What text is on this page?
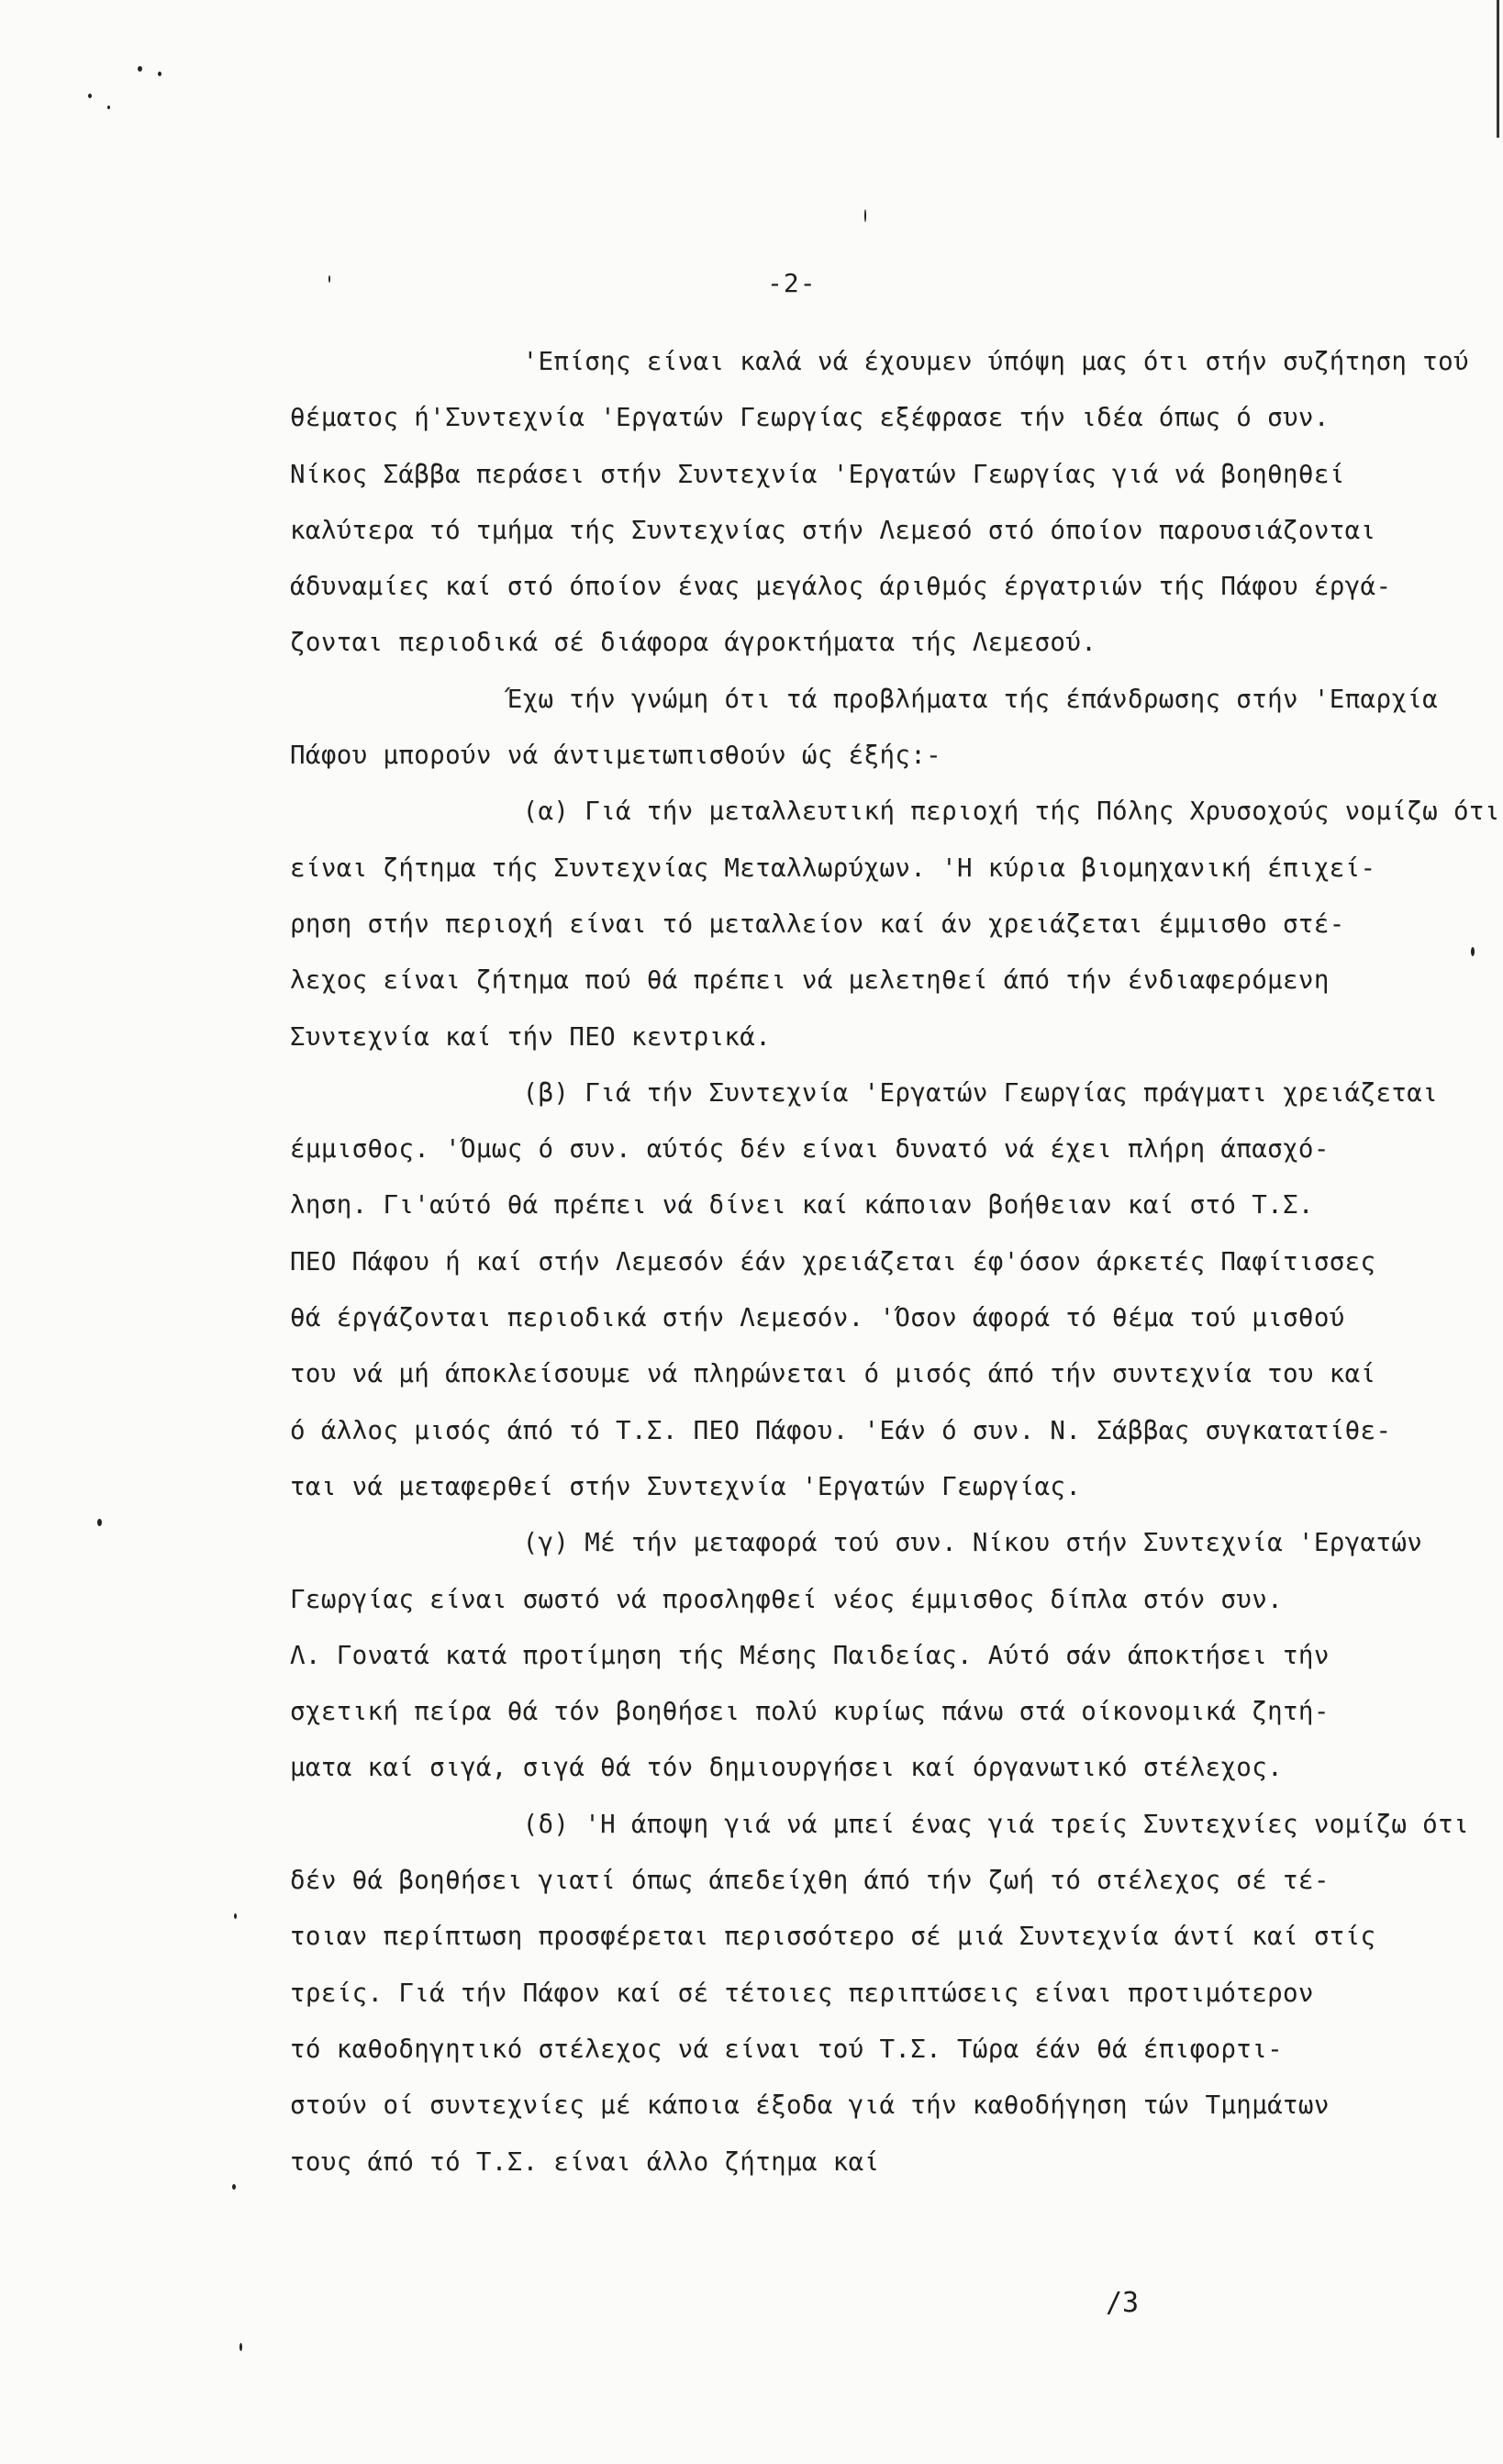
-2-
'Επίσης είναι καλά νά έχουμεν ύπόψη μας ότι στήν συζήτηση τού
θέματος ή'Συντεχνία 'Εργατών Γεωργίας εξέφρασε τήν ιδέα όπως ό συν.
Νίκος Σάββα περάσει στήν Συντεχνία 'Εργατών Γεωργίας γιά νά βοηθηθεί
καλύτερα τό τμήμα τής Συντεχνίας στήν Λεμεσό στό όποίον παρουσιάζονται
άδυναμίες καί στό όποίον ένας μεγάλος άριθμός έργατριών τής Πάφου έργά-
ζονται περιοδικά σέ διάφορα άγροκτήματα τής Λεμεσού.
Έχω τήν γνώμη ότι τά προβλήματα τής έπάνδρωσης στήν 'Επαρχία
Πάφου μπορούν νά άντιμετωπισθούν ώς έξής:-
(α) Γιά τήν μεταλλευτική περιοχή τής Πόλης Χρυσοχούς νομίζω ότι
είναι ζήτημα τής Συντεχνίας Μεταλλωρύχων. 'Η κύρια βιομηχανική έπιχεί-
ρηση στήν περιοχή είναι τό μεταλλείον καί άν χρειάζεται έμμισθο στέ-
λεχος είναι ζήτημα πού θά πρέπει νά μελετηθεί άπό τήν ένδιαφερόμενη
Συντεχνία καί τήν ΠΕΟ κεντρικά.
(β) Γιά τήν Συντεχνία 'Εργατών Γεωργίας πράγματι χρειάζεται
έμμισθος. 'Όμως ό συν. αύτός δέν είναι δυνατό νά έχει πλήρη άπασχό-
ληση. Γι'αύτό θά πρέπει νά δίνει καί κάποιαν βοήθειαν καί στό Τ.Σ.
ΠΕΟ Πάφου ή καί στήν Λεμεσόν έάν χρειάζεται έφ'όσον άρκετές Παφίτισσες
θά έργάζονται περιοδικά στήν Λεμεσόν. 'Όσον άφορά τό θέμα τού μισθού
του νά μή άποκλείσουμε νά πληρώνεται ό μισός άπό τήν συντεχνία του καί
ό άλλος μισός άπό τό Τ.Σ. ΠΕΟ Πάφου. 'Εάν ό συν. Ν. Σάββας συγκατατίθε-
ται νά μεταφερθεί στήν Συντεχνία 'Εργατών Γεωργίας.
(γ) Μέ τήν μεταφορά τού συν. Νίκου στήν Συντεχνία 'Εργατών
Γεωργίας είναι σωστό νά προσληφθεί νέος έμμισθος δίπλα στόν συν.
Λ. Γονατά κατά προτίμηση τής Μέσης Παιδείας. Αύτό σάν άποκτήσει τήν
σχετική πείρα θά τόν βοηθήσει πολύ κυρίως πάνω στά οίκονομικά ζητή-
ματα καί σιγά, σιγά θά τόν δημιουργήσει καί όργανωτικό στέλεχος.
(δ) 'Η άποψη γιά νά μπεί ένας γιά τρείς Συντεχνίες νομίζω ότι
δέν θά βοηθήσει γιατί όπως άπεδείχθη άπό τήν ζωή τό στέλεχος σέ τέ-
τοιαν περίπτωση προσφέρεται περισσότερο σέ μιά Συντεχνία άντί καί στίς
τρείς. Γιά τήν Πάφον καί σέ τέτοιες περιπτώσεις είναι προτιμότερον
τό καθοδηγητικό στέλεχος νά είναι τού Τ.Σ. Τώρα έάν θά έπιφορτι-
στούν οί συντεχνίες μέ κάποια έξοδα γιά τήν καθοδήγηση τών Τμημάτων
τους άπό τό Τ.Σ. είναι άλλο ζήτημα καί
/3
